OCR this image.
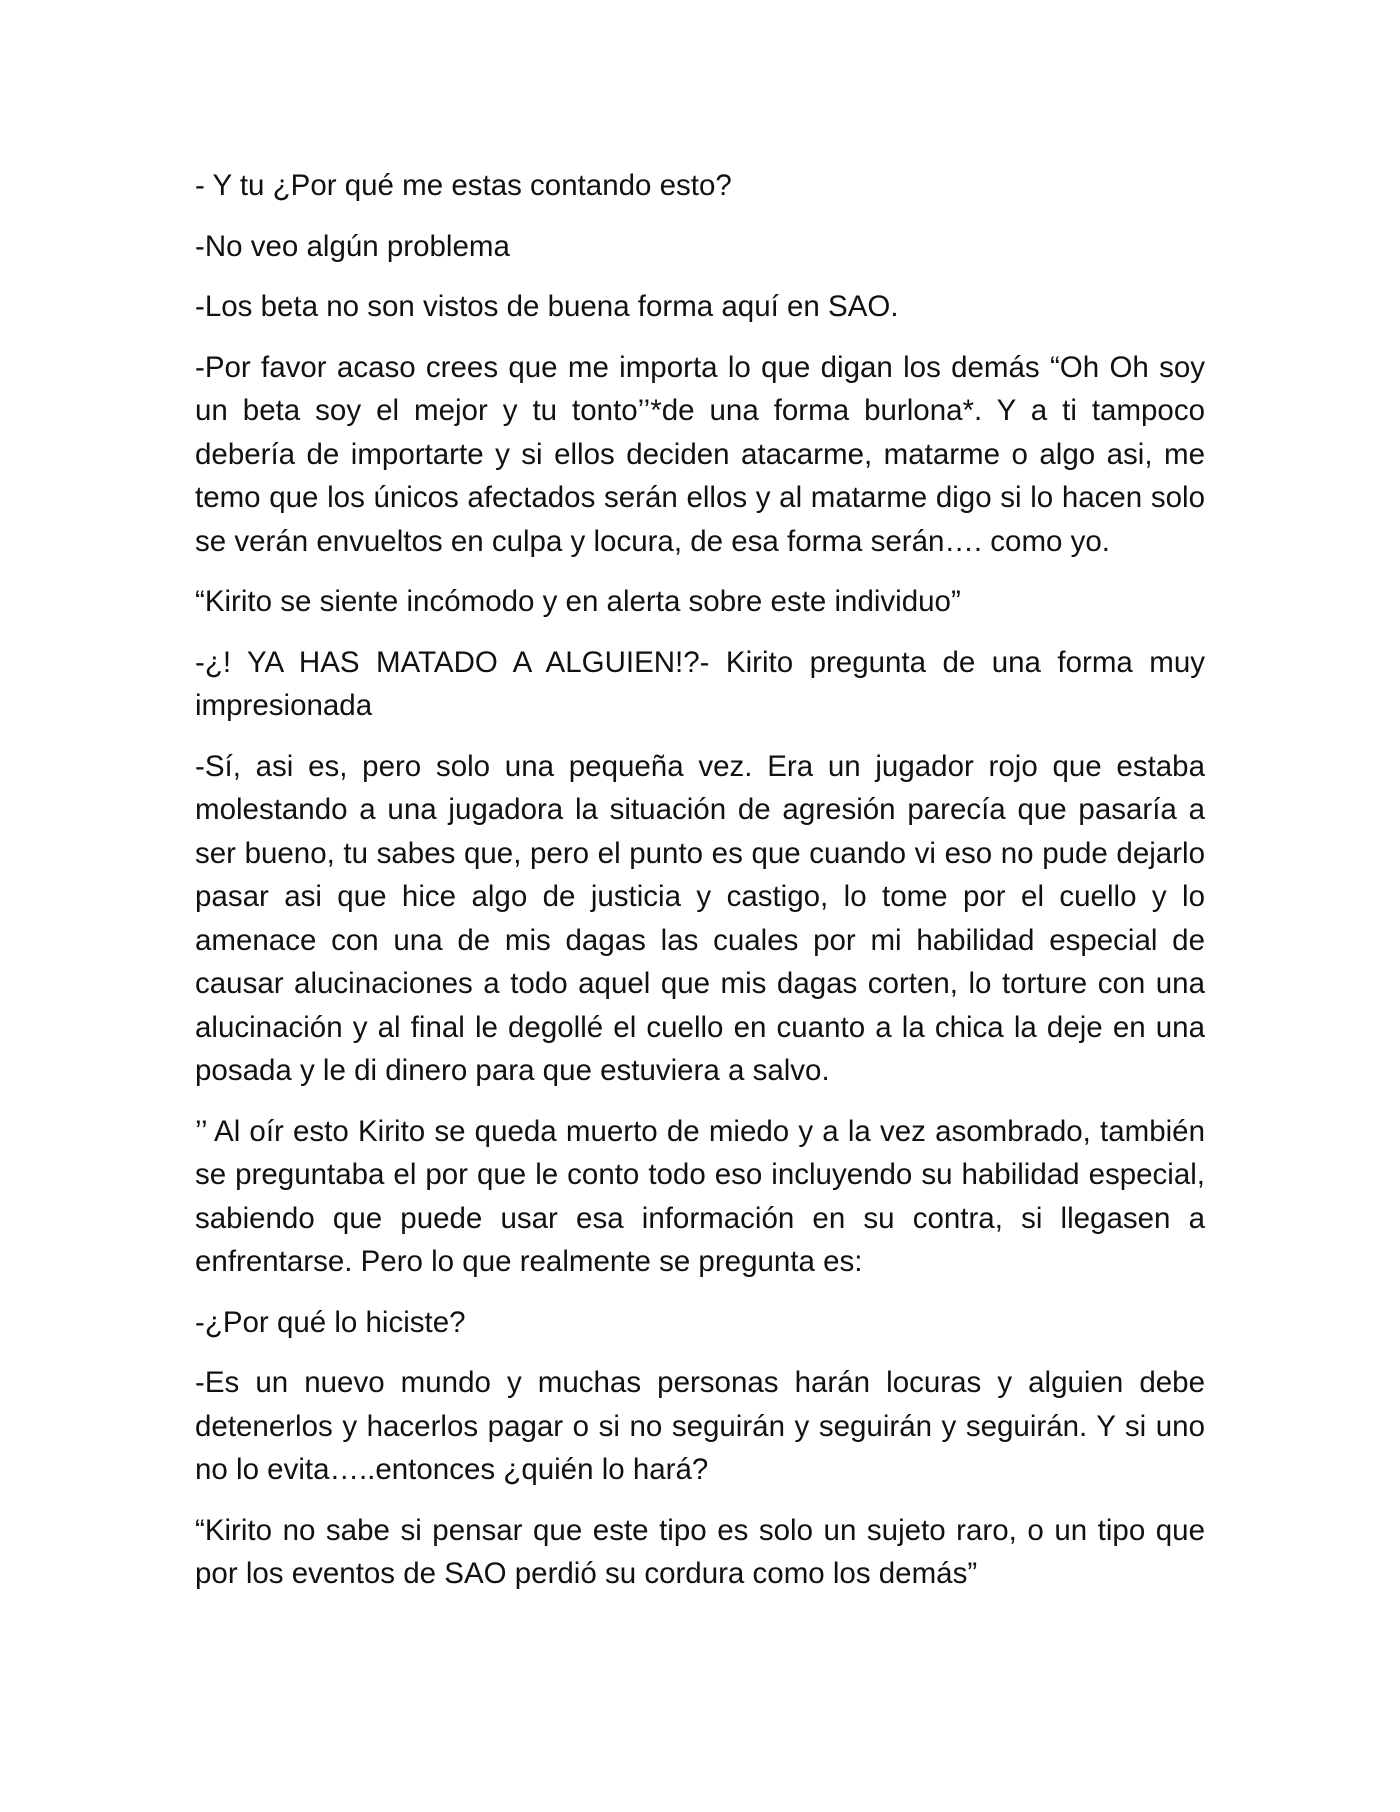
- Y tu ¿Por qué me estas contando esto?

-No veo algún problema

-Los beta no son vistos de buena forma aquí en SAO.

-Por favor acaso crees que me importa lo que digan los demás “Oh Oh soy un beta soy el mejor y tu tonto’’*de una forma burlona*. Y a ti tampoco debería de importarte y si ellos deciden atacarme, matarme o algo asi, me temo que los únicos afectados serán ellos y al matarme digo si lo hacen solo se verán envueltos en culpa y locura, de esa forma serán…. como yo.

“Kirito se siente incómodo y en alerta sobre este individuo”

-¿! YA HAS MATADO A ALGUIEN!?- Kirito pregunta de una forma muy impresionada

-Sí, asi es, pero solo una pequeña vez. Era un jugador rojo que estaba molestando a una jugadora la situación de agresión parecía que pasaría a ser bueno, tu sabes que, pero el punto es que cuando vi eso no pude dejarlo pasar asi que hice algo de justicia y castigo, lo tome por el cuello y lo amenace con una de mis dagas las cuales por mi habilidad especial de causar alucinaciones a todo aquel que mis dagas corten, lo torture con una alucinación y al final le degollé el cuello en cuanto a la chica la deje en una posada y le di dinero para que estuviera a salvo.

’’ Al oír esto Kirito se queda muerto de miedo y a la vez asombrado, también se preguntaba el por que le conto todo eso incluyendo su habilidad especial, sabiendo que puede usar esa información en su contra, si llegasen a enfrentarse. Pero lo que realmente se pregunta es:

-¿Por qué lo hiciste?

-Es un nuevo mundo y muchas personas harán locuras y alguien debe detenerlos y hacerlos pagar o si no seguirán y seguirán y seguirán. Y si uno no lo evita…..entonces ¿quién lo hará?

“Kirito no sabe si pensar que este tipo es solo un sujeto raro, o un tipo que por los eventos de SAO perdió su cordura como los demás”
